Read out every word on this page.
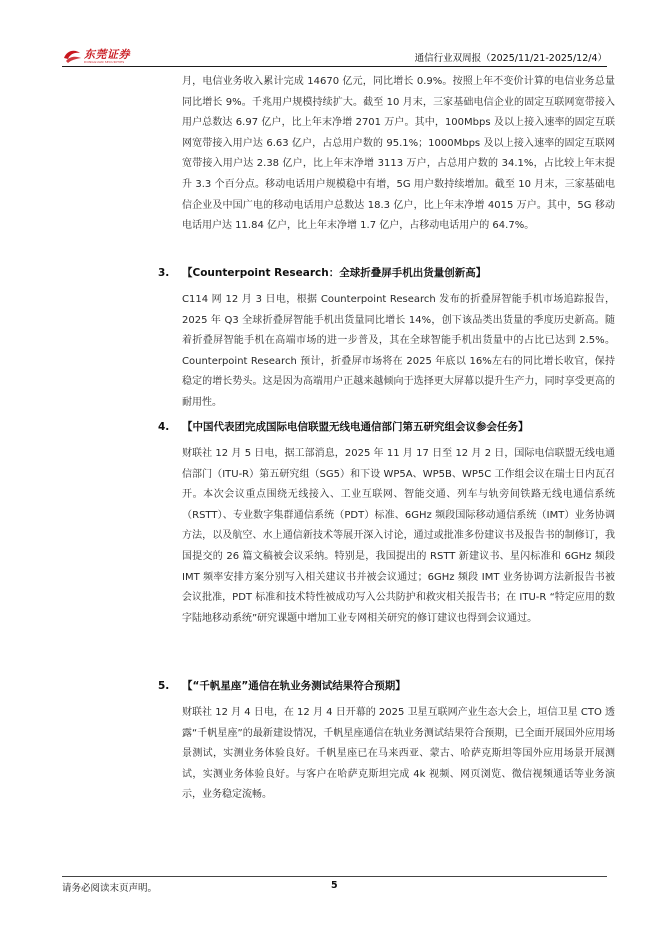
东莞证券
DONGGUAN SECURITIES	通信行业双周报（2025/11/21-2025/12/4）
月，电信业务收入累计完成 14670 亿元，同比增长 0.9%。按照上年不变价计算的电信业务总量同比增长 9%。千兆用户规模持续扩大。截至 10 月末，三家基础电信企业的固定互联网宽带接入用户总数达 6.97 亿户，比上年末净增 2701 万户。其中，100Mbps 及以上接入速率的固定互联网宽带接入用户达 6.63 亿户，占总用户数的 95.1%；1000Mbps 及以上接入速率的固定互联网宽带接入用户达 2.38 亿户，比上年末净增 3113 万户，占总用户数的 34.1%，占比较上年末提升 3.3 个百分点。移动电话用户规模稳中有增，5G 用户数持续增加。截至 10 月末，三家基础电信企业及中国广电的移动电话用户总数达 18.3 亿户，比上年末净增 4015 万户。其中，5G 移动电话用户达 11.84 亿户，比上年末净增 1.7 亿户，占移动电话用户的 64.7%。
3. 【Counterpoint Research：全球折叠屏手机出货量创新高】
C114 网 12 月 3 日电，根据 Counterpoint Research 发布的折叠屏智能手机市场追踪报告，2025 年 Q3 全球折叠屏智能手机出货量同比增长 14%，创下该品类出货量的季度历史新高。随着折叠屏智能手机在高端市场的进一步普及，其在全球智能手机出货量中的占比已达到 2.5%。Counterpoint Research 预计，折叠屏市场将在 2025 年底以 16%左右的同比增长收官，保持稳定的增长势头。这是因为高端用户正越来越倾向于选择更大屏幕以提升生产力，同时享受更高的耐用性。
4. 【中国代表团完成国际电信联盟无线电通信部门第五研究组会议参会任务】
财联社 12 月 5 日电，据工部消息，2025 年 11 月 17 日至 12 月 2 日，国际电信联盟无线电通信部门（ITU-R）第五研究组（SG5）和下设 WP5A、WP5B、WP5C 工作组会议在瑞士日内瓦召开。本次会议重点围绕无线接入、工业互联网、智能交通、列车与轨旁间铁路无线电通信系统（RSTT）、专业数字集群通信系统（PDT）标准、6GHz 频段国际移动通信系统（IMT）业务协调方法，以及航空、水上通信新技术等展开深入讨论，通过或批准多份建议书及报告书的制修订，我国提交的 26 篇文稿被会议采纳。特别是，我国提出的 RSTT 新建议书、星闪标准和 6GHz 频段 IMT 频率安排方案分别写入相关建议书并被会议通过；6GHz 频段 IMT 业务协调方法新报告书被会议批准，PDT 标准和技术特性被成功写入公共防护和救灾相关报告书；在 ITU-R “特定应用的数字陆地移动系统”研究课题中增加工业专网相关研究的修订建议也得到会议通过。
5. 【“千帆星座”通信在轨业务测试结果符合预期】
财联社 12 月 4 日电，在 12 月 4 日开幕的 2025 卫星互联网产业生态大会上，垣信卫星 CTO 透露“千帆星座”的最新建设情况，千帆星座通信在轨业务测试结果符合预期，已全面开展国外应用场景测试，实测业务体验良好。千帆星座已在马来西亚、蒙古、哈萨克斯坦等国外应用场景开展测试，实测业务体验良好。与客户在哈萨克斯坦完成 4k 视频、网页浏览、微信视频通话等业务演示，业务稳定流畅。
请务必阅读末页声明。	5
